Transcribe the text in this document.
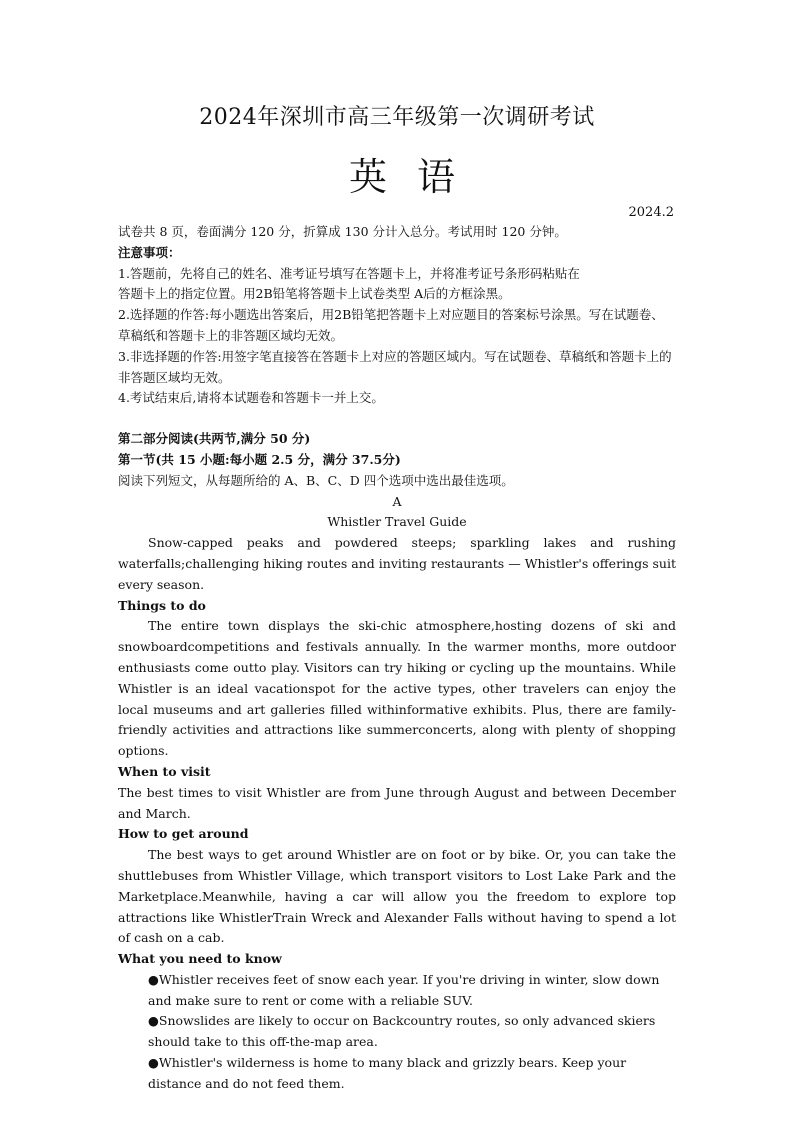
2024年深圳市高三年级第一次调研考试
英语
2024.2

试卷共 8 页，卷面满分 120 分，折算成 130 分计入总分。考试用时 120 分钟。

注意事项：

1.答题前，先将自己的姓名、准考证号填写在答题卡上，并将准考证号条形码粘贴在

答题卡上的指定位置。用2B铅笔将答题卡上试卷类型 A后的方框涂黑。

2.选择题的作答:每小题选出答案后，用2B铅笔把答题卡上对应题目的答案标号涂黑。写在试题卷、草稿纸和答题卡上的非答题区域均无效。

3.非选择题的作答:用签字笔直接答在答题卡上对应的答题区域内。写在试题卷、草稿纸和答题卡上的非答题区域均无效。

4.考试结束后,请将本试题卷和答题卡一并上交。

第二部分阅读(共两节,满分 50 分)

第一节(共 15 小题:每小题 2.5 分，满分 37.5分)

阅读下列短文，从每题所给的 A、B、C、D 四个选项中选出最佳选项。

A

Whistler Travel Guide

Snow-capped peaks and powdered steeps; sparkling lakes and rushing waterfalls;challenging hiking routes and inviting restaurants — Whistler's offerings suit every season.

Things to do

The entire town displays the ski-chic atmosphere,hosting dozens of ski and snowboardcompetitions and festivals annually. In the warmer months, more outdoor enthusiasts come outto play. Visitors can try hiking or cycling up the mountains. While Whistler is an ideal vacationspot for the active types, other travelers can enjoy the local museums and art galleries filled withinformative exhibits. Plus, there are family-friendly activities and attractions like summerconcerts, along with plenty of shopping options.

When to visit

The best times to visit Whistler are from June through August and between December and March.

How to get around

The best ways to get around Whistler are on foot or by bike. Or, you can take the shuttlebuses from Whistler Village, which transport visitors to Lost Lake Park and the Marketplace.Meanwhile, having a car will allow you the freedom to explore top attractions like WhistlerTrain Wreck and Alexander Falls without having to spend a lot of cash on a cab.

What you need to know

●Whistler receives feet of snow each year. If you're driving in winter, slow down and make sure to rent or come with a reliable SUV.

●Snowslides are likely to occur on Backcountry routes, so only advanced skiers should take to this off-the-map area.

●Whistler's wilderness is home to many black and grizzly bears. Keep your distance and do not feed them.
